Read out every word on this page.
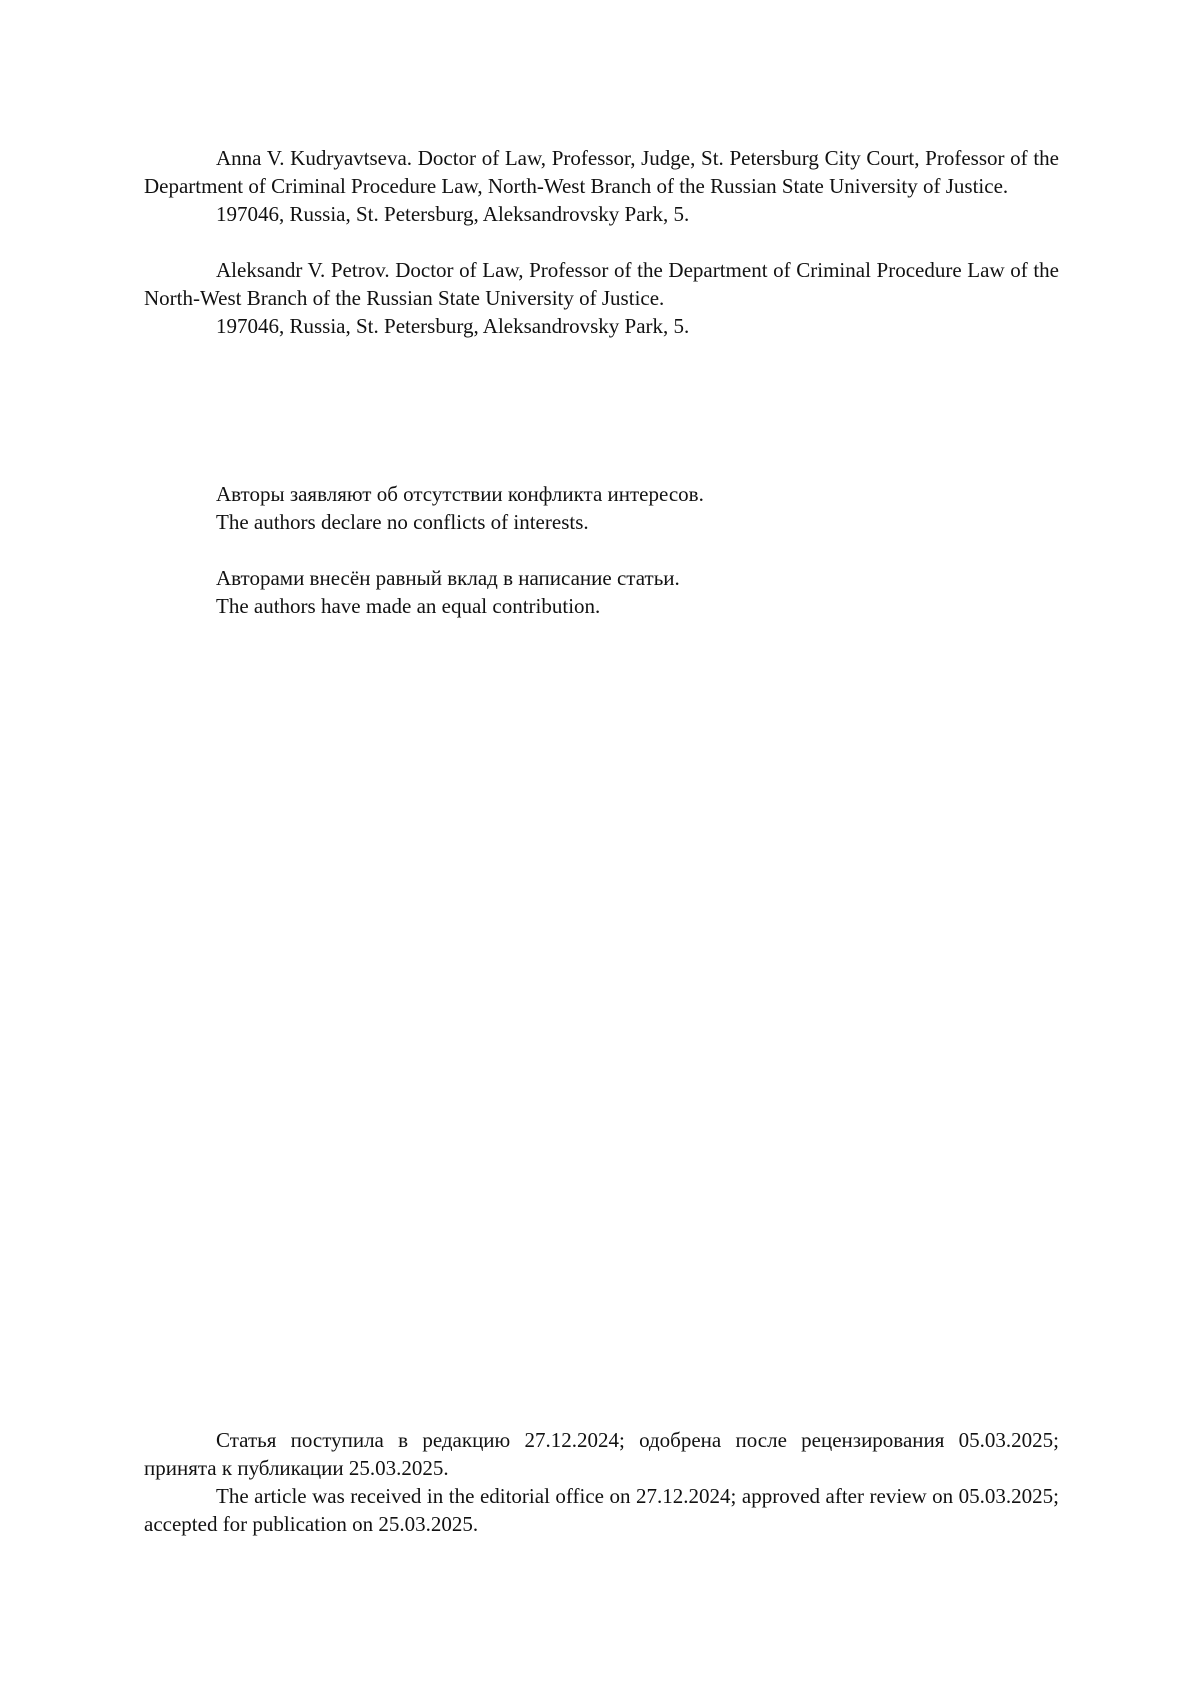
Anna V. Kudryavtseva. Doctor of Law, Professor, Judge, St. Petersburg City Court, Professor of the Department of Criminal Procedure Law, North-West Branch of the Russian State University of Justice.

197046, Russia, St. Petersburg, Aleksandrovsky Park, 5.

Aleksandr V. Petrov. Doctor of Law, Professor of the Department of Criminal Procedure Law of the North-West Branch of the Russian State University of Justice.

197046, Russia, St. Petersburg, Aleksandrovsky Park, 5.

Авторы заявляют об отсутствии конфликта интересов.

The authors declare no conflicts of interests.

Авторами внесён равный вклад в написание статьи.

The authors have made an equal contribution.

Статья поступила в редакцию 27.12.2024; одобрена после рецензирования 05.03.2025; принята к публикации 25.03.2025.

The article was received in the editorial office on 27.12.2024; approved after review on 05.03.2025; accepted for publication on 25.03.2025.
